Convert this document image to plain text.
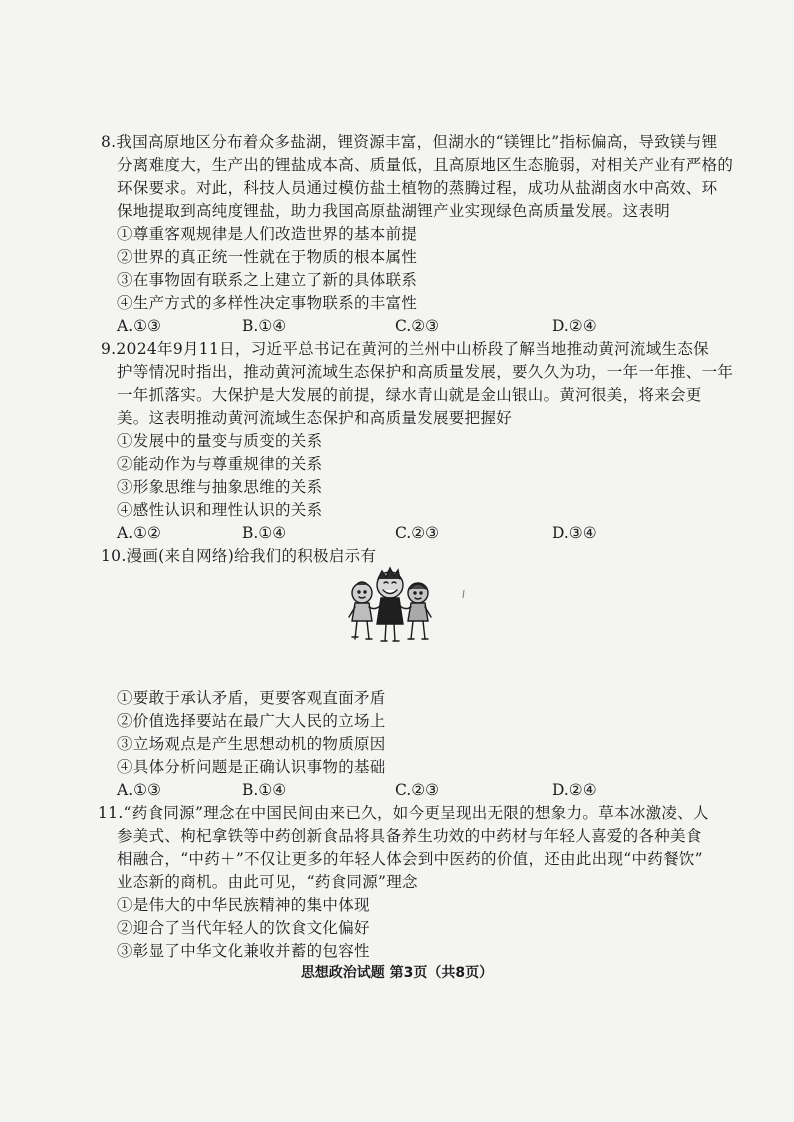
8.我国高原地区分布着众多盐湖，锂资源丰富，但湖水的“镁锂比”指标偏高，导致镁与锂
分离难度大，生产出的锂盐成本高、质量低，且高原地区生态脆弱，对相关产业有严格的
环保要求。对此，科技人员通过模仿盐土植物的蒸腾过程，成功从盐湖卤水中高效、环
保地提取到高纯度锂盐，助力我国高原盐湖锂产业实现绿色高质量发展。这表明
①尊重客观规律是人们改造世界的基本前提
②世界的真正统一性就在于物质的根本属性
③在事物固有联系之上建立了新的具体联系
④生产方式的多样性决定事物联系的丰富性
A.①③	B.①④	C.②③	D.②④
9.2024年9月11日，习近平总书记在黄河的兰州中山桥段了解当地推动黄河流域生态保
护等情况时指出，推动黄河流域生态保护和高质量发展，要久久为功，一年一年推、一年
一年抓落实。大保护是大发展的前提，绿水青山就是金山银山。黄河很美，将来会更
美。这表明推动黄河流域生态保护和高质量发展要把握好
①发展中的量变与质变的关系
②能动作为与尊重规律的关系
③形象思维与抽象思维的关系
④感性认识和理性认识的关系
A.①②	B.①④	C.②③	D.③④
10.漫画(来自网络)给我们的积极启示有
①要敢于承认矛盾，更要客观直面矛盾
②价值选择要站在最广大人民的立场上
③立场观点是产生思想动机的物质原因
④具体分析问题是正确认识事物的基础
A.①③	B.①④	C.②③	D.②④
11.“药食同源”理念在中国民间由来已久，如今更呈现出无限的想象力。草本冰激凌、人
参美式、枸杞拿铁等中药创新食品将具备养生功效的中药材与年轻人喜爱的各种美食
相融合，“中药＋”不仅让更多的年轻人体会到中医药的价值，还由此出现“中药餐饮”
业态新的商机。由此可见，“药食同源”理念
①是伟大的中华民族精神的集中体现
②迎合了当代年轻人的饮食文化偏好
③彰显了中华文化兼收并蓄的包容性
思想政治试题 第3页（共8页）
